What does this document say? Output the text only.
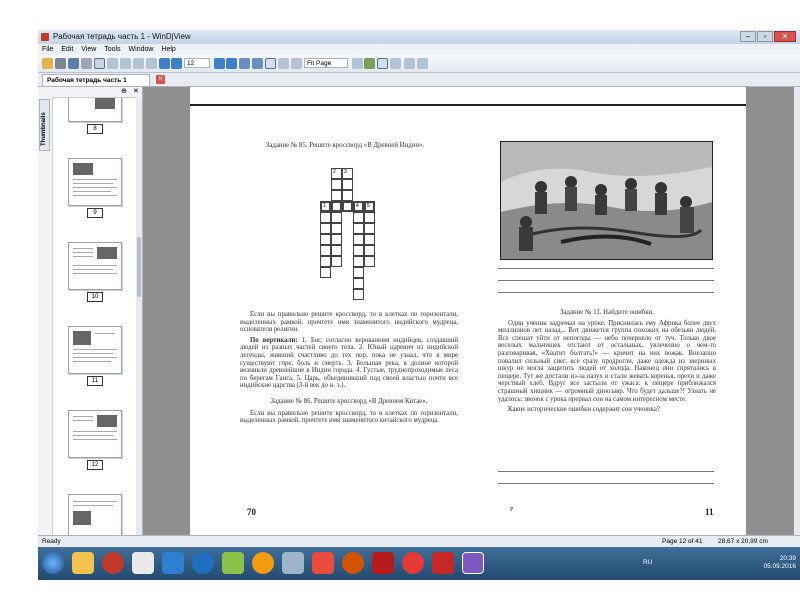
Рабочая тетрадь часть 1 - WinDjView	–	▫	✕
File Edit View Tools Window Help
12	Fit Page
Рабочая тетрадь часть 1	✕
⊕ ✕
Thumbnails	8
9
10
11
12
Задание № 85. Решите кроссворд «В Древней Индии».
2	3
1	4	5

Если вы правильно решите кроссворд, то в клетках по горизонтали, выделенных рамкой, прочтете имя знаменитого индийского мудреца, основателя религии.

По вертикали: 1. Бог, согласно верованиям индийцев, создавший людей из разных частей своего тела. 2. Юный царевич из индийской легенды, живший счастливо до тех пор, пока не узнал, что в мире существуют горе, боль и смерть. 3. Большая река, в долине которой возникли древнейшие в Индии города. 4. Густые, труднопроходимые леса по берегам Ганга. 5. Царь, объединивший под своей властью почти все индийские царства (3-й век до н. э.).

Задание № 86. Решите кроссворд «В Древнем Китае».

Если вы правильно решите кроссворд, то в клетках по горизонтали, выделенных рамкой, прочтете имя знаменитого китайского мудреца.

70
Задание № 11. Найдите ошибки.

Один ученик задремал на уроке. Приснилась ему Африка более двух миллионов лет назад... Вот движется группа похожих на обезьян людей. Все спешат уйти от непогоды — небо почернело от туч. Только двое веселых мальчишек отстают от остальных, увлеченно о чем-то разговаривая. «Хватит болтать!» — кричит на них вожак. Внезапно повалил сильный снег, все сразу продрогли, даже одежда из звериных шкур не могла защитить людей от холода. Наконец они спрятались в пещере. Тут же достали из-за пазух и стали жевать коренья, орехи и даже черствый хлеб. Вдруг все застыли от ужаса: к пещере приближался страшный хищник — огромный динозавр. Что будет дальше?! Узнать не удалось: звонок с урока прервал сон на самом интересном месте.

Какие исторические ошибки содержит сон ученика?

P	11
Ready	Page 12 of 41 28,67 x 20,99 cm
20:39
05.09.2016
RU
